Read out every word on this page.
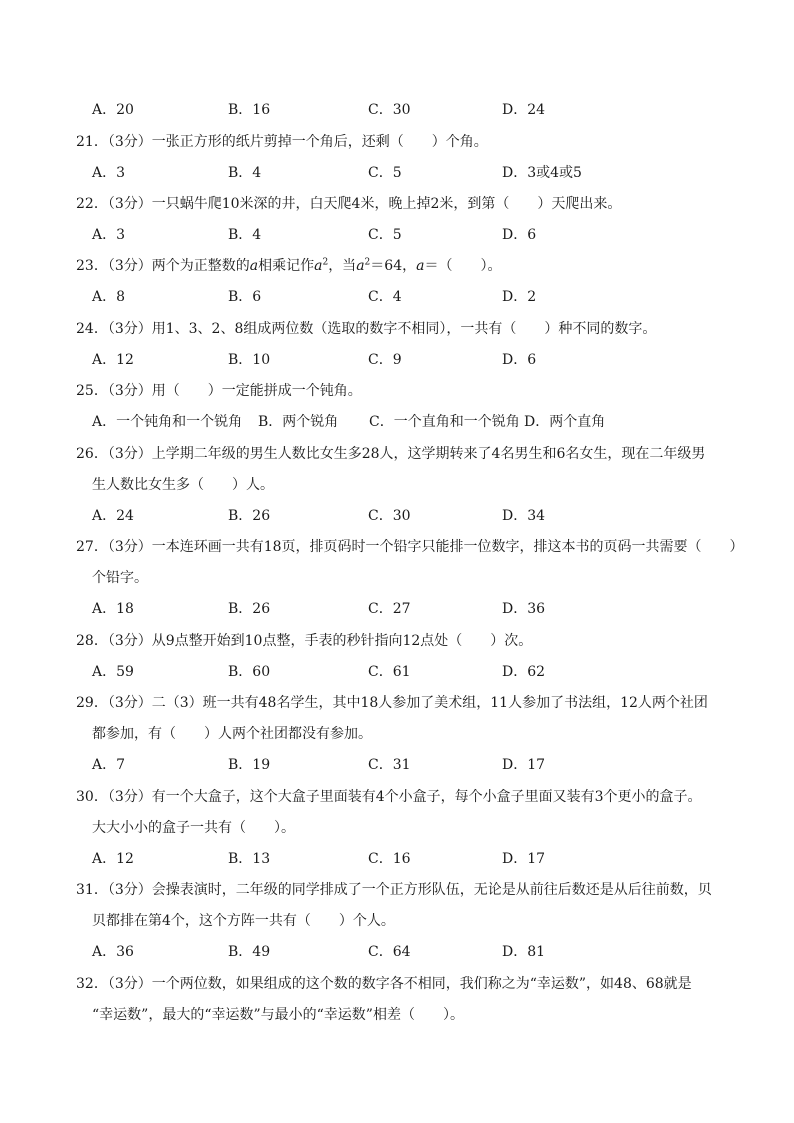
A．20	B．16	C．30	D．24
21．（3分）一张正方形的纸片剪掉一个角后，还剩（　　）个角。
A．3	B．4	C．5	D．3或4或5
22．（3分）一只蜗牛爬10米深的井，白天爬4米，晚上掉2米，到第（　　）天爬出来。
A．3	B．4	C．5	D．6
23．（3分）两个为正整数的a相乘记作$a^2$，当$a^2=64$，a＝（　　）。
A．8	B．6	C．4	D．2
24．（3分）用1、3、2、8组成两位数（选取的数字不相同），一共有（　　）种不同的数字。
A．12	B．10	C．9	D．6
25．（3分）用（　　）一定能拼成一个钝角。
A．一个钝角和一个锐角 B．两个锐角 C．一个直角和一个锐角 D．两个直角
26．（3分）上学期二年级的男生人数比女生多28人，这学期转来了4名男生和6名女生，现在二年级男
生人数比女生多（　　）人。
A．24	B．26	C．30	D．34
27．（3分）一本连环画一共有18页，排页码时一个铅字只能排一位数字，排这本书的页码一共需要（　　）
个铅字。
A．18	B．26	C．27	D．36
28．（3分）从9点整开始到10点整，手表的秒针指向12点处（　　）次。
A．59	B．60	C．61	D．62
29．（3分）二（3）班一共有48名学生，其中18人参加了美术组，11人参加了书法组，12人两个社团
都参加，有（　　）人两个社团都没有参加。
A．7	B．19	C．31	D．17
30．（3分）有一个大盒子，这个大盒子里面装有4个小盒子，每个小盒子里面又装有3个更小的盒子。
大大小小的盒子一共有（　　）。
A．12	B．13	C．16	D．17
31．（3分）会操表演时，二年级的同学排成了一个正方形队伍，无论是从前往后数还是从后往前数，贝
贝都排在第4个，这个方阵一共有（　　）个人。
A．36	B．49	C．64	D．81
32．（3分）一个两位数，如果组成的这个数的数字各不相同，我们称之为“幸运数”，如48、68就是
“幸运数”，最大的“幸运数”与最小的“幸运数”相差（　　）。
